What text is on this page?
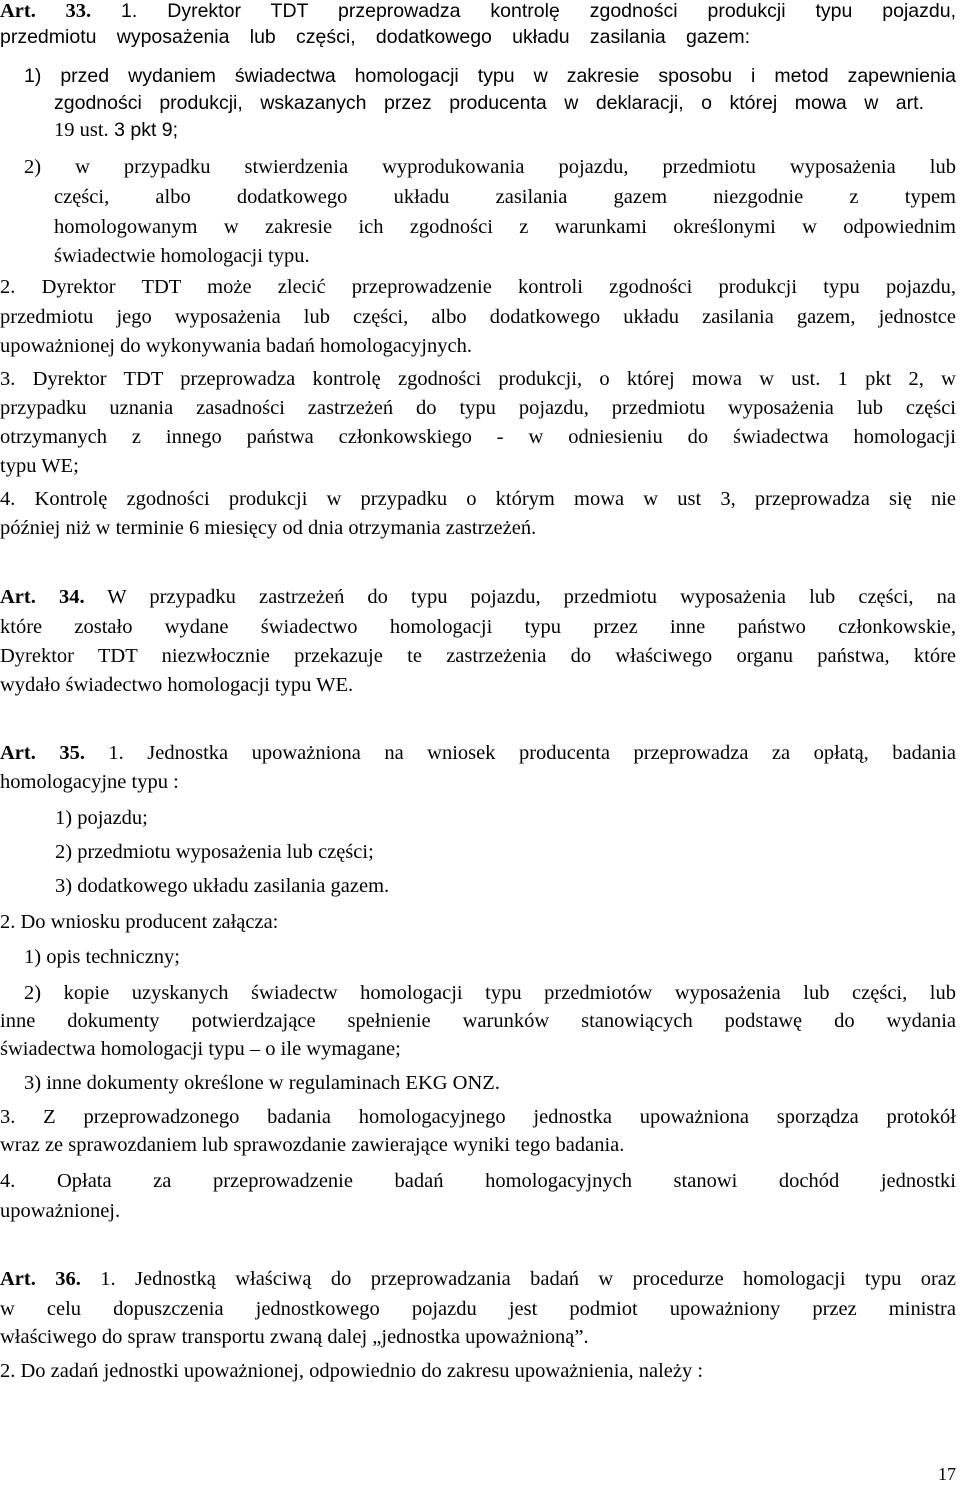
Art. 33. 1. Dyrektor TDT przeprowadza kontrolę zgodności produkcji typu pojazdu,

przedmiotu wyposażenia lub części, dodatkowego układu zasilania gazem:

1) przed wydaniem świadectwa homologacji typu w zakresie sposobu i metod zapewnienia

zgodności produkcji, wskazanych przez producenta w deklaracji, o której mowa w art.

19 ust. 3 pkt 9;

2) w przypadku stwierdzenia wyprodukowania pojazdu, przedmiotu wyposażenia lub

części, albo dodatkowego układu zasilania gazem niezgodnie z typem

homologowanym w zakresie ich zgodności z warunkami określonymi w odpowiednim

świadectwie homologacji typu.

2. Dyrektor TDT może zlecić przeprowadzenie kontroli zgodności produkcji typu pojazdu,

przedmiotu jego wyposażenia lub części, albo dodatkowego układu zasilania gazem, jednostce

upoważnionej do wykonywania badań homologacyjnych.

3. Dyrektor TDT przeprowadza kontrolę zgodności produkcji, o której mowa w ust. 1 pkt 2, w

przypadku uznania zasadności zastrzeżeń do typu pojazdu, przedmiotu wyposażenia lub części

otrzymanych z innego państwa członkowskiego - w odniesieniu do świadectwa homologacji

typu WE;

4. Kontrolę zgodności produkcji w przypadku o którym mowa w ust 3, przeprowadza się nie

później niż w terminie 6 miesięcy od dnia otrzymania zastrzeżeń.

Art. 34. W przypadku zastrzeżeń do typu pojazdu, przedmiotu wyposażenia lub części, na

które zostało wydane świadectwo homologacji typu przez inne państwo członkowskie,

Dyrektor TDT niezwłocznie przekazuje te zastrzeżenia do właściwego organu państwa, które

wydało świadectwo homologacji typu WE.

Art. 35. 1. Jednostka upoważniona na wniosek producenta przeprowadza za opłatą, badania

homologacyjne typu :

1) pojazdu;

2) przedmiotu wyposażenia lub części;

3) dodatkowego układu zasilania gazem.

2. Do wniosku producent załącza:

1) opis techniczny;

2) kopie uzyskanych świadectw homologacji typu przedmiotów wyposażenia lub części, lub

inne dokumenty potwierdzające spełnienie warunków stanowiących podstawę do wydania

świadectwa homologacji typu – o ile wymagane;

3) inne dokumenty określone w regulaminach EKG ONZ.

3. Z przeprowadzonego badania homologacyjnego jednostka upoważniona sporządza protokół

wraz ze sprawozdaniem lub sprawozdanie zawierające wyniki tego badania.

4. Opłata za przeprowadzenie badań homologacyjnych stanowi dochód jednostki

upoważnionej.

Art. 36. 1. Jednostką właściwą do przeprowadzania badań w procedurze homologacji typu oraz

w celu dopuszczenia jednostkowego pojazdu jest podmiot upoważniony przez ministra

właściwego do spraw transportu zwaną dalej „jednostka upoważnioną”.

2. Do zadań jednostki upoważnionej, odpowiednio do zakresu upoważnienia, należy :

17
